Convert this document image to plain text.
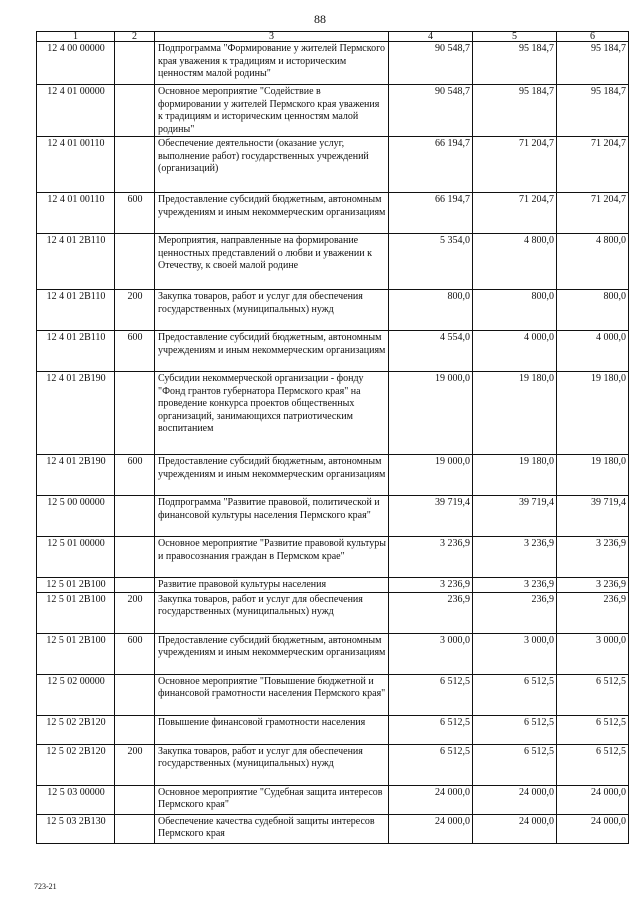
88
1	2	3	4	5	6
12 4 00 00000		Подпрограмма "Формирование у жителей Пермского края уважения к традициям и историческим ценностям малой родины"	90 548,7	95 184,7	95 184,7
12 4 01 00000		Основное мероприятие "Содействие в формировании у жителей Пермского края уважения к традициям и историческим ценностям малой родины"	90 548,7	95 184,7	95 184,7
12 4 01 00110		Обеспечение деятельности (оказание услуг, выполнение работ) государственных учреждений (организаций)	66 194,7	71 204,7	71 204,7
12 4 01 00110	600	Предоставление субсидий бюджетным, автономным учреждениям и иным некоммерческим организациям	66 194,7	71 204,7	71 204,7
12 4 01 2В110		Мероприятия, направленные на формирование ценностных представлений о любви и уважении к Отечеству, к своей малой родине	5 354,0	4 800,0	4 800,0
12 4 01 2В110	200	Закупка товаров, работ и услуг для обеспечения государственных (муниципальных) нужд	800,0	800,0	800,0
12 4 01 2В110	600	Предоставление субсидий бюджетным, автономным учреждениям и иным некоммерческим организациям	4 554,0	4 000,0	4 000,0
12 4 01 2В190		Субсидии некоммерческой организации - фонду "Фонд грантов губернатора Пермского края" на проведение конкурса проектов общественных организаций, занимающихся патриотическим воспитанием	19 000,0	19 180,0	19 180,0
12 4 01 2В190	600	Предоставление субсидий бюджетным, автономным учреждениям и иным некоммерческим организациям	19 000,0	19 180,0	19 180,0
12 5 00 00000		Подпрограмма "Развитие правовой, политической и финансовой культуры населения Пермского края"	39 719,4	39 719,4	39 719,4
12 5 01 00000		Основное мероприятие "Развитие правовой культуры и правосознания граждан в Пермском крае"	3 236,9	3 236,9	3 236,9
12 5 01 2В100		Развитие правовой культуры населения	3 236,9	3 236,9	3 236,9
12 5 01 2В100	200	Закупка товаров, работ и услуг для обеспечения государственных (муниципальных) нужд	236,9	236,9	236,9
12 5 01 2В100	600	Предоставление субсидий бюджетным, автономным учреждениям и иным некоммерческим организациям	3 000,0	3 000,0	3 000,0
12 5 02 00000		Основное мероприятие "Повышение бюджетной и финансовой грамотности населения Пермского края"	6 512,5	6 512,5	6 512,5
12 5 02 2В120		Повышение финансовой грамотности населения	6 512,5	6 512,5	6 512,5
12 5 02 2В120	200	Закупка товаров, работ и услуг для обеспечения государственных (муниципальных) нужд	6 512,5	6 512,5	6 512,5
12 5 03 00000		Основное мероприятие "Судебная защита интересов Пермского края"	24 000,0	24 000,0	24 000,0
12 5 03 2В130		Обеспечение качества судебной защиты интересов Пермского края	24 000,0	24 000,0	24 000,0
723-21
